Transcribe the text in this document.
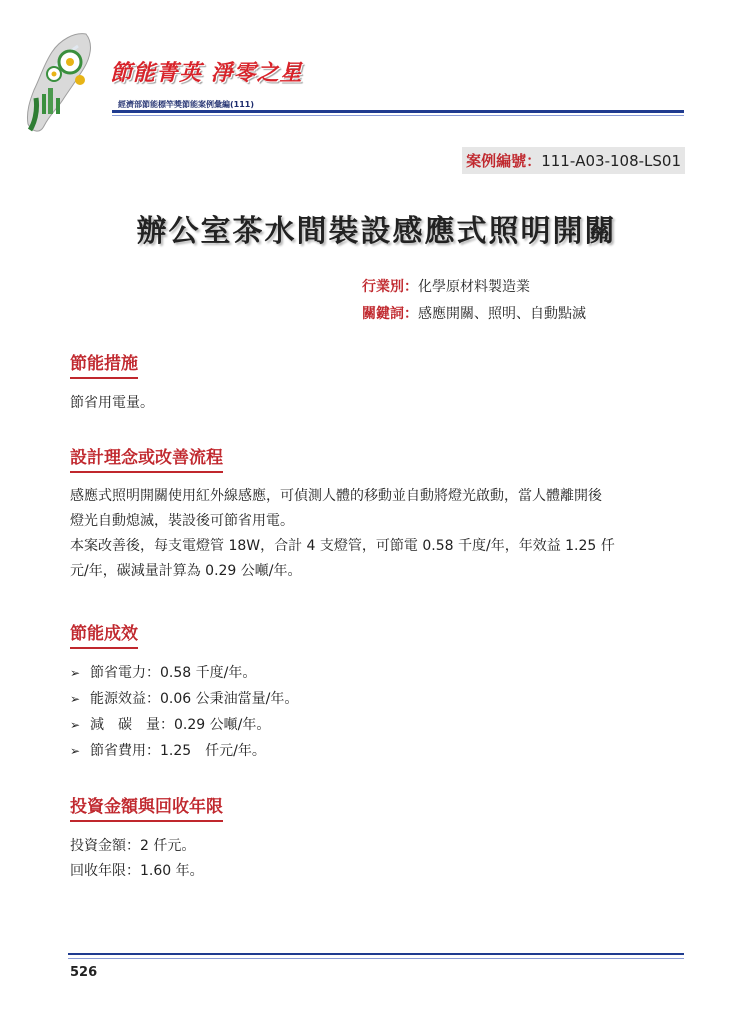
節能菁英 淨零之星
經濟部節能標竿獎節能案例彙編(111)
案例編號：111-A03-108-LS01
辦公室茶水間裝設感應式照明開關
行業別：化學原材料製造業
關鍵詞：感應開關、照明、自動點滅
節能措施

節省用電量。

設計理念或改善流程

感應式照明開關使用紅外線感應，可偵測人體的移動並自動將燈光啟動，當人體離開後

燈光自動熄滅，裝設後可節省用電。

本案改善後，每支電燈管 18W，合計 4 支燈管，可節電 0.58 千度/年，年效益 1.25 仟

元/年，碳減量計算為 0.29 公噸/年。

節能成效
➢ 節省電力：0.58 千度/年。
➢ 能源效益：0.06 公秉油當量/年。
➢ 減　碳　量：0.29 公噸/年。
➢ 節省費用：1.25　仟元/年。
投資金額與回收年限

投資金額：2 仟元。

回收年限：1.60 年。

526
